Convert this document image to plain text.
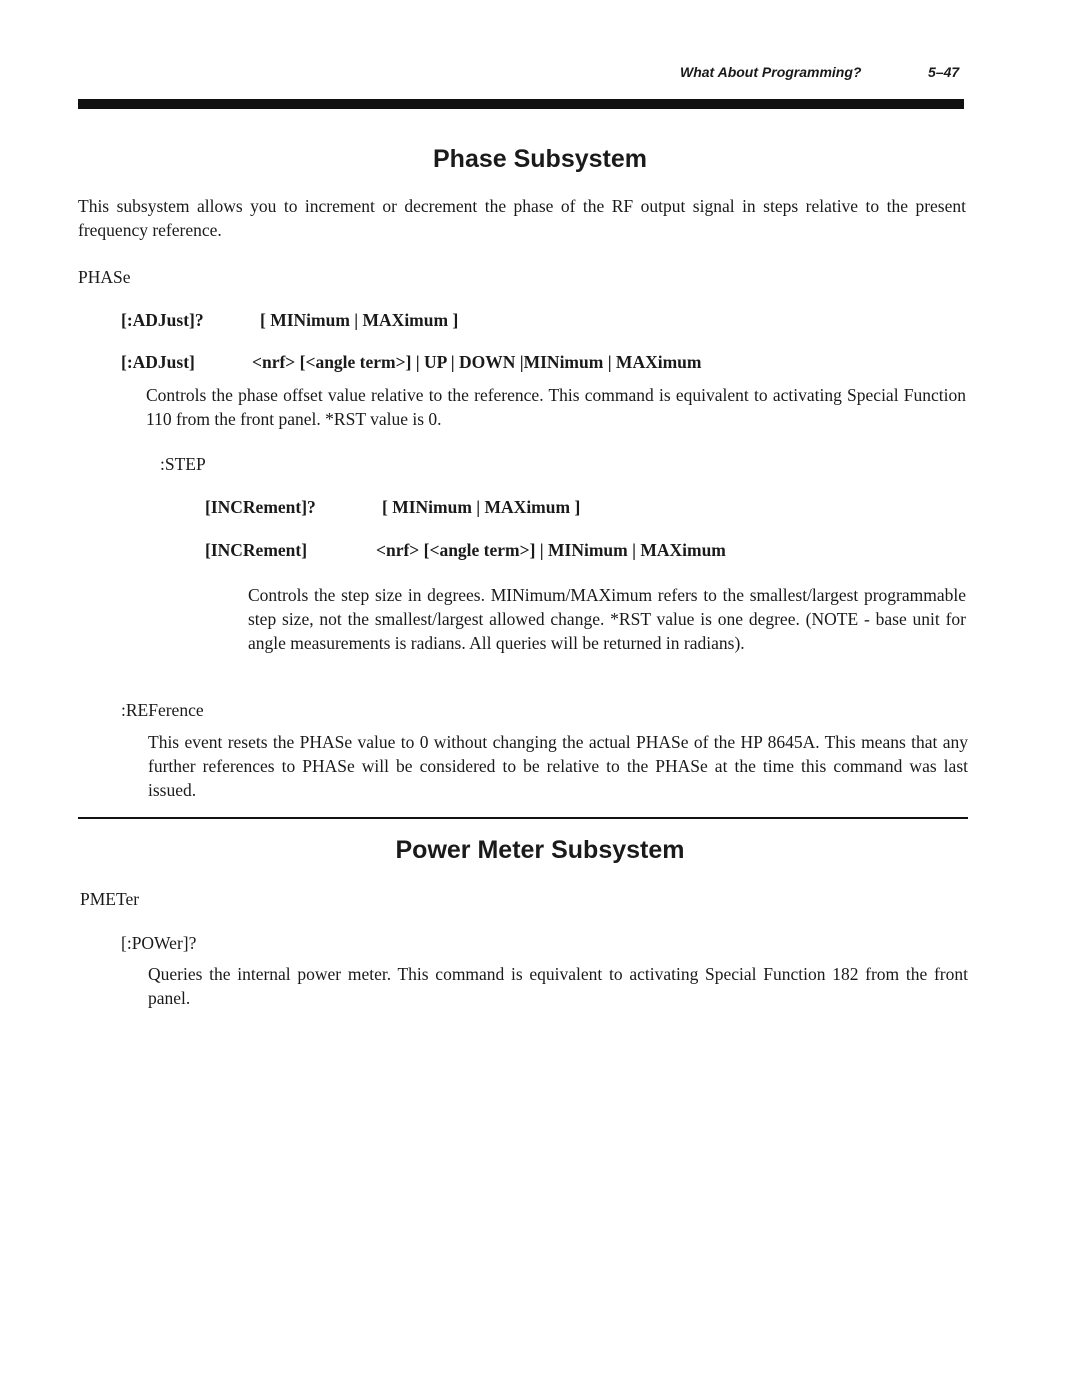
What About Programming?	5–47
Phase Subsystem
This subsystem allows you to increment or decrement the phase of the RF output signal in steps relative to the present frequency reference.
PHASe
[:ADJust]?	[ MINimum | MAXimum ]
[:ADJust]	<nrf> [<angle term>] | UP | DOWN |MINimum | MAXimum
Controls the phase offset value relative to the reference. This command is equivalent to activating Special Function 110 from the front panel. *RST value is 0.
:STEP
[INCRement]?	[ MINimum | MAXimum ]
[INCRement]	<nrf> [<angle term>] | MINimum | MAXimum
Controls the step size in degrees. MINimum/MAXimum refers to the smallest/largest programmable step size, not the smallest/largest allowed change. *RST value is one degree. (NOTE - base unit for angle measurements is radians. All queries will be returned in radians).
:REFerence
This event resets the PHASe value to 0 without changing the actual PHASe of the HP 8645A. This means that any further references to PHASe will be considered to be relative to the PHASe at the time this command was last issued.
Power Meter Subsystem
PMETer
[:POWer]?
Queries the internal power meter. This command is equivalent to activating Special Function 182 from the front panel.
